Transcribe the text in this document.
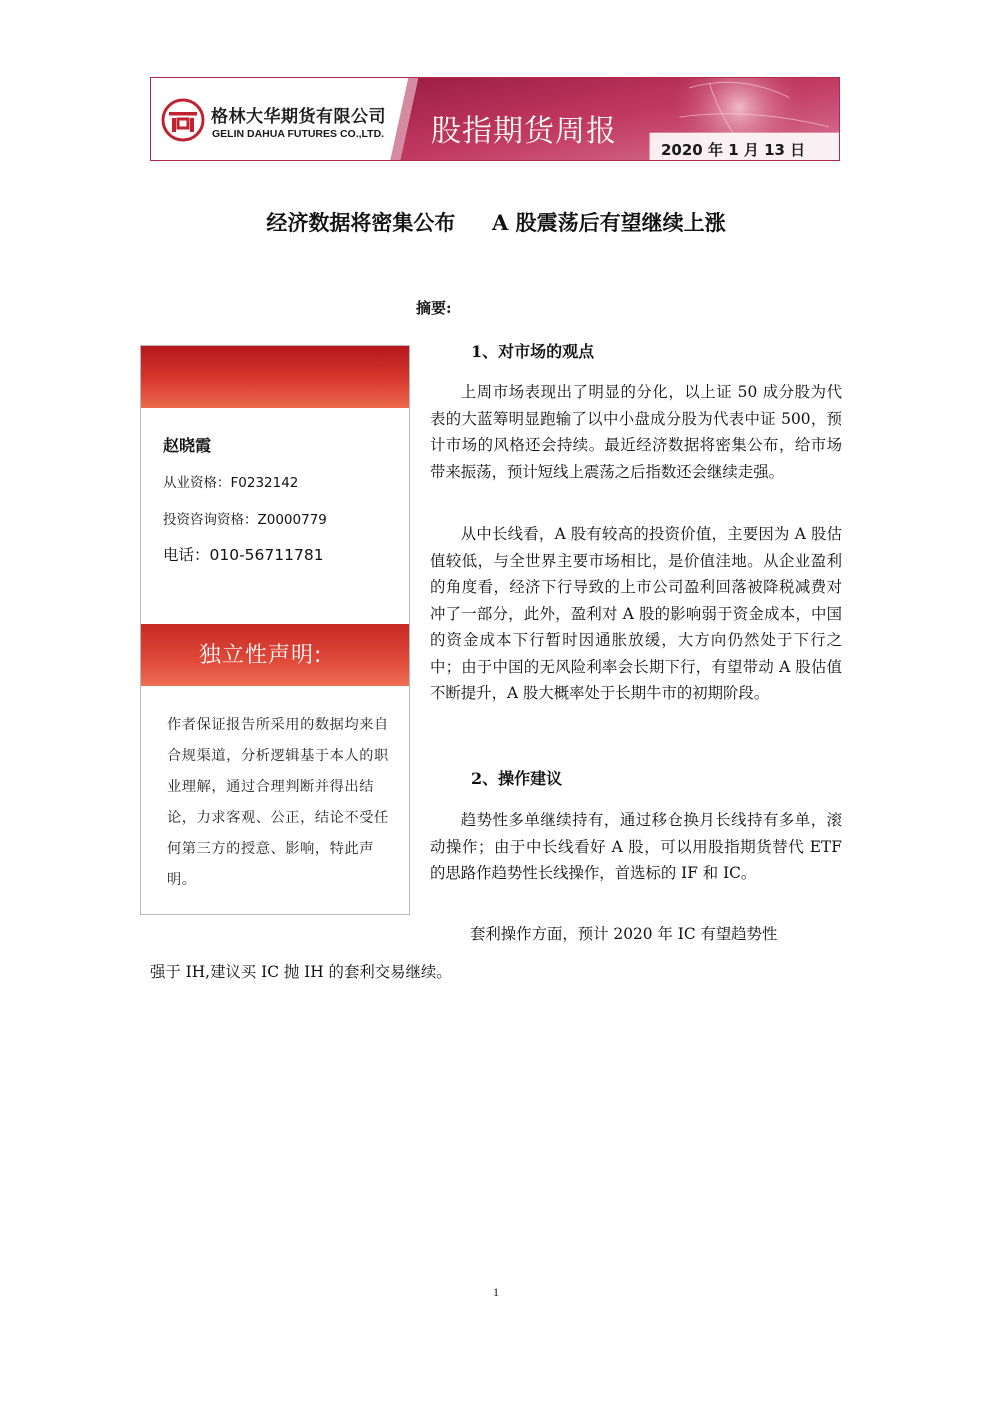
格林大华期货有限公司
GELIN DAHUA FUTURES CO.,LTD. 股指期货周报
2020 年 1 月 13 日
经济数据将密集公布     A 股震荡后有望继续上涨
摘要:
赵晓霞
从业资格：F0232142
投资咨询资格：Z0000779
电话：010-56711781
独立性声明:
作者保证报告所采用的数据均来自合规渠道，分析逻辑基于本人的职业理解，通过合理判断并得出结论，力求客观、公正，结论不受任何第三方的授意、影响，特此声明。
1、对市场的观点
上周市场表现出了明显的分化，以上证 50 成分股为代表的大蓝筹明显跑输了以中小盘成分股为代表中证 500，预计市场的风格还会持续。最近经济数据将密集公布，给市场带来振荡，预计短线上震荡之后指数还会继续走强。
从中长线看，A 股有较高的投资价值，主要因为 A 股估值较低，与全世界主要市场相比，是价值洼地。从企业盈利的角度看，经济下行导致的上市公司盈利回落被降税减费对冲了一部分，此外，盈利对 A 股的影响弱于资金成本，中国的资金成本下行暂时因通胀放缓，大方向仍然处于下行之中；由于中国的无风险利率会长期下行，有望带动 A 股估值不断提升，A 股大概率处于长期牛市的初期阶段。
2、操作建议
趋势性多单继续持有，通过移仓换月长线持有多单，滚动操作；由于中长线看好 A 股，可以用股指期货替代 ETF 的思路作趋势性长线操作，首选标的 IF 和 IC。
套利操作方面，预计 2020 年 IC 有望趋势性
强于 IH,建议买 IC 抛 IH 的套利交易继续。
1
